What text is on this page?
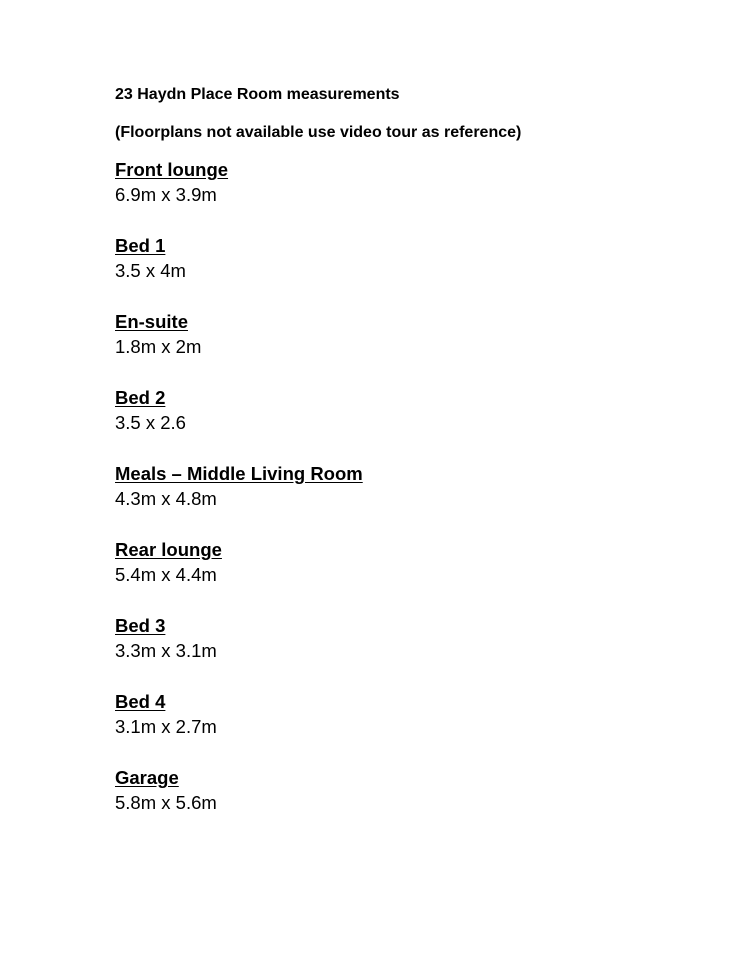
23 Haydn Place Room measurements
(Floorplans not available use video tour as reference)
Front lounge
6.9m x 3.9m
Bed 1
3.5 x 4m
En-suite
1.8m x 2m
Bed 2
3.5 x 2.6
Meals – Middle Living Room
4.3m x 4.8m
Rear lounge
5.4m x 4.4m
Bed 3
3.3m x 3.1m
Bed 4
3.1m x 2.7m
Garage
5.8m x 5.6m
